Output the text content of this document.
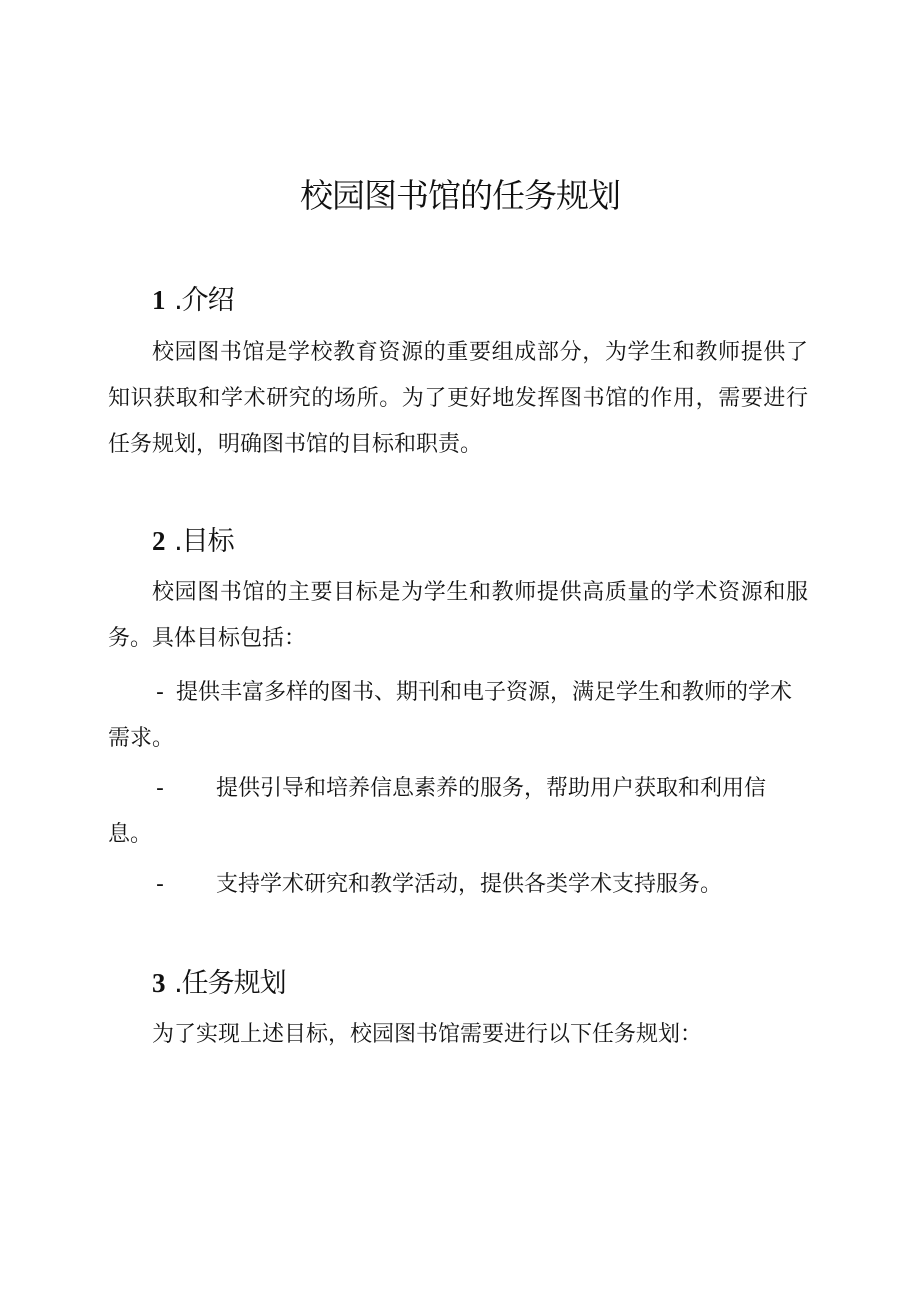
校园图书馆的任务规划
1 .介绍
校园图书馆是学校教育资源的重要组成部分，为学生和教师提供了知识获取和学术研究的场所。为了更好地发挥图书馆的作用，需要进行任务规划，明确图书馆的目标和职责。
2 .目标
校园图书馆的主要目标是为学生和教师提供高质量的学术资源和服务。具体目标包括：
- 提供丰富多样的图书、期刊和电子资源，满足学生和教师的学术需求。
-	提供引导和培养信息素养的服务，帮助用户获取和利用信息。
-	支持学术研究和教学活动，提供各类学术支持服务。
3 .任务规划
为了实现上述目标，校园图书馆需要进行以下任务规划：
